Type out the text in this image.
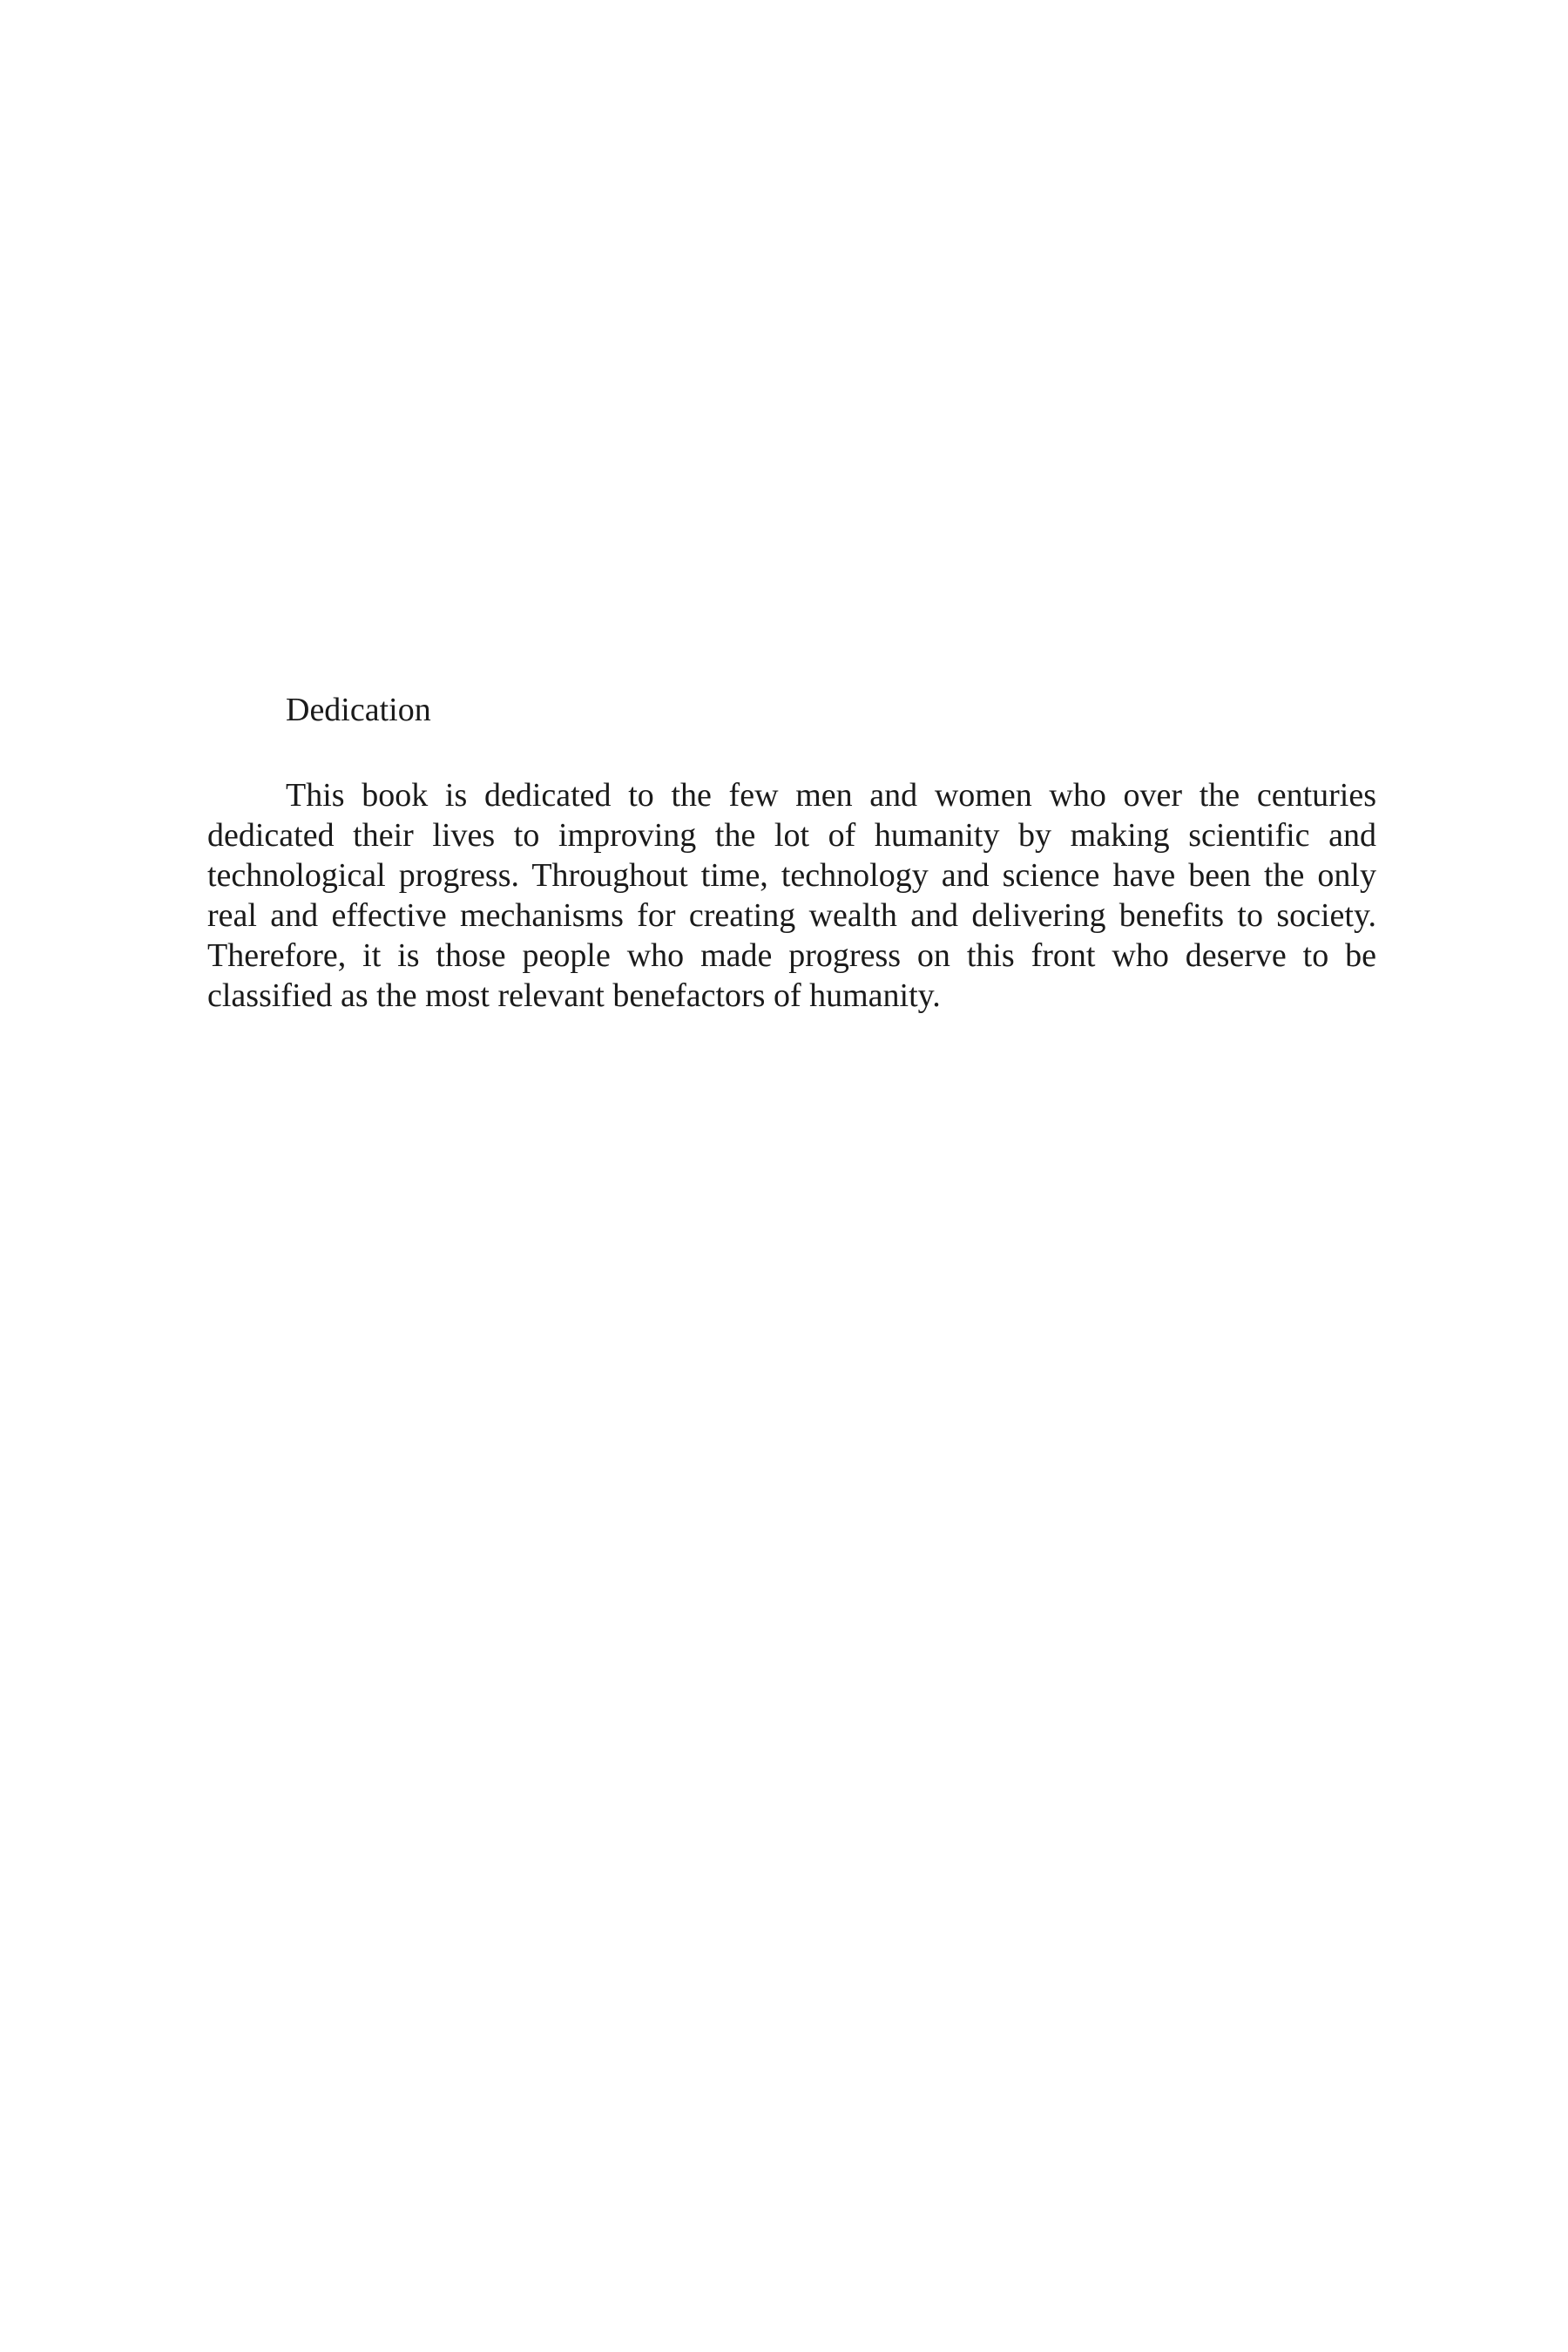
Dedication

This book is dedicated to the few men and women who over the centuries dedicated their lives to improving the lot of humanity by making scientific and technological progress. Throughout time, technology and science have been the only real and effective mechanisms for creating wealth and delivering benefits to society. Therefore, it is those people who made progress on this front who deserve to be classified as the most relevant benefactors of humanity.
